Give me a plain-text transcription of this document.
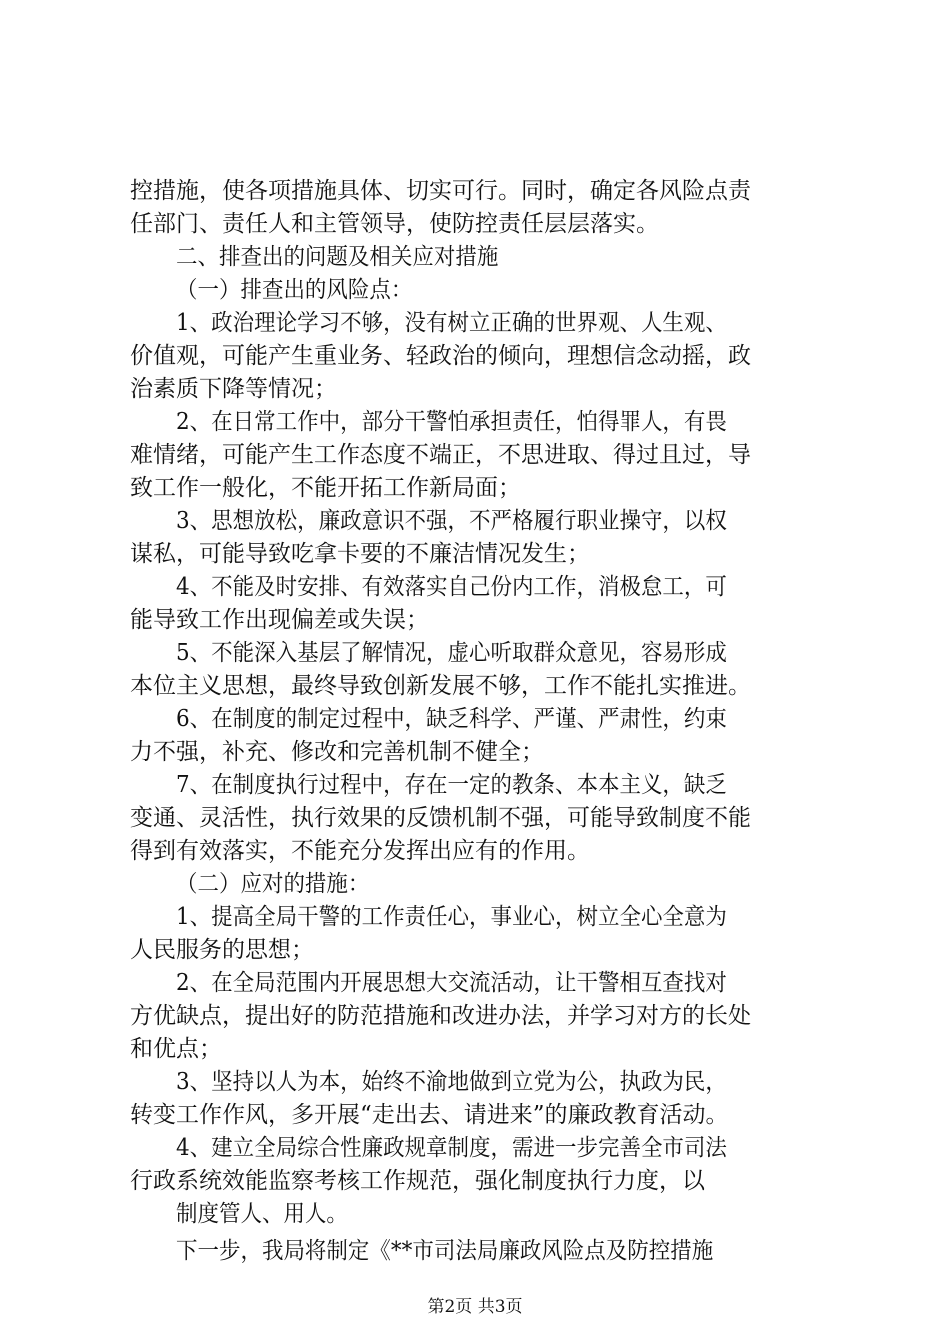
控措施，使各项措施具体、切实可行。同时，确定各风险点责
任部门、责任人和主管领导，使防控责任层层落实。
二、排查出的问题及相关应对措施
（一）排查出的风险点：
1、政治理论学习不够，没有树立正确的世界观、人生观、
价值观，可能产生重业务、轻政治的倾向，理想信念动摇，政
治素质下降等情况；
2、在日常工作中，部分干警怕承担责任，怕得罪人，有畏
难情绪，可能产生工作态度不端正，不思进取、得过且过，导
致工作一般化，不能开拓工作新局面；
3、思想放松，廉政意识不强，不严格履行职业操守，以权
谋私，可能导致吃拿卡要的不廉洁情况发生；
4、不能及时安排、有效落实自己份内工作，消极怠工，可
能导致工作出现偏差或失误；
5、不能深入基层了解情况，虚心听取群众意见，容易形成
本位主义思想，最终导致创新发展不够，工作不能扎实推进。
6、在制度的制定过程中，缺乏科学、严谨、严肃性，约束
力不强，补充、修改和完善机制不健全；
7、在制度执行过程中，存在一定的教条、本本主义，缺乏
变通、灵活性，执行效果的反馈机制不强，可能导致制度不能
得到有效落实，不能充分发挥出应有的作用。
（二）应对的措施：
1、提高全局干警的工作责任心，事业心，树立全心全意为
人民服务的思想；
2、在全局范围内开展思想大交流活动，让干警相互查找对
方优缺点，提出好的防范措施和改进办法，并学习对方的长处
和优点；
3、坚持以人为本，始终不渝地做到立党为公，执政为民，
转变工作作风，多开展“走出去、请进来”的廉政教育活动。
4、建立全局综合性廉政规章制度，需进一步完善全市司法
行政系统效能监察考核工作规范，强化制度执行力度，以
制度管人、用人。
第2页 共3页
下一步，我局将制定《**市司法局廉政风险点及防控措施
